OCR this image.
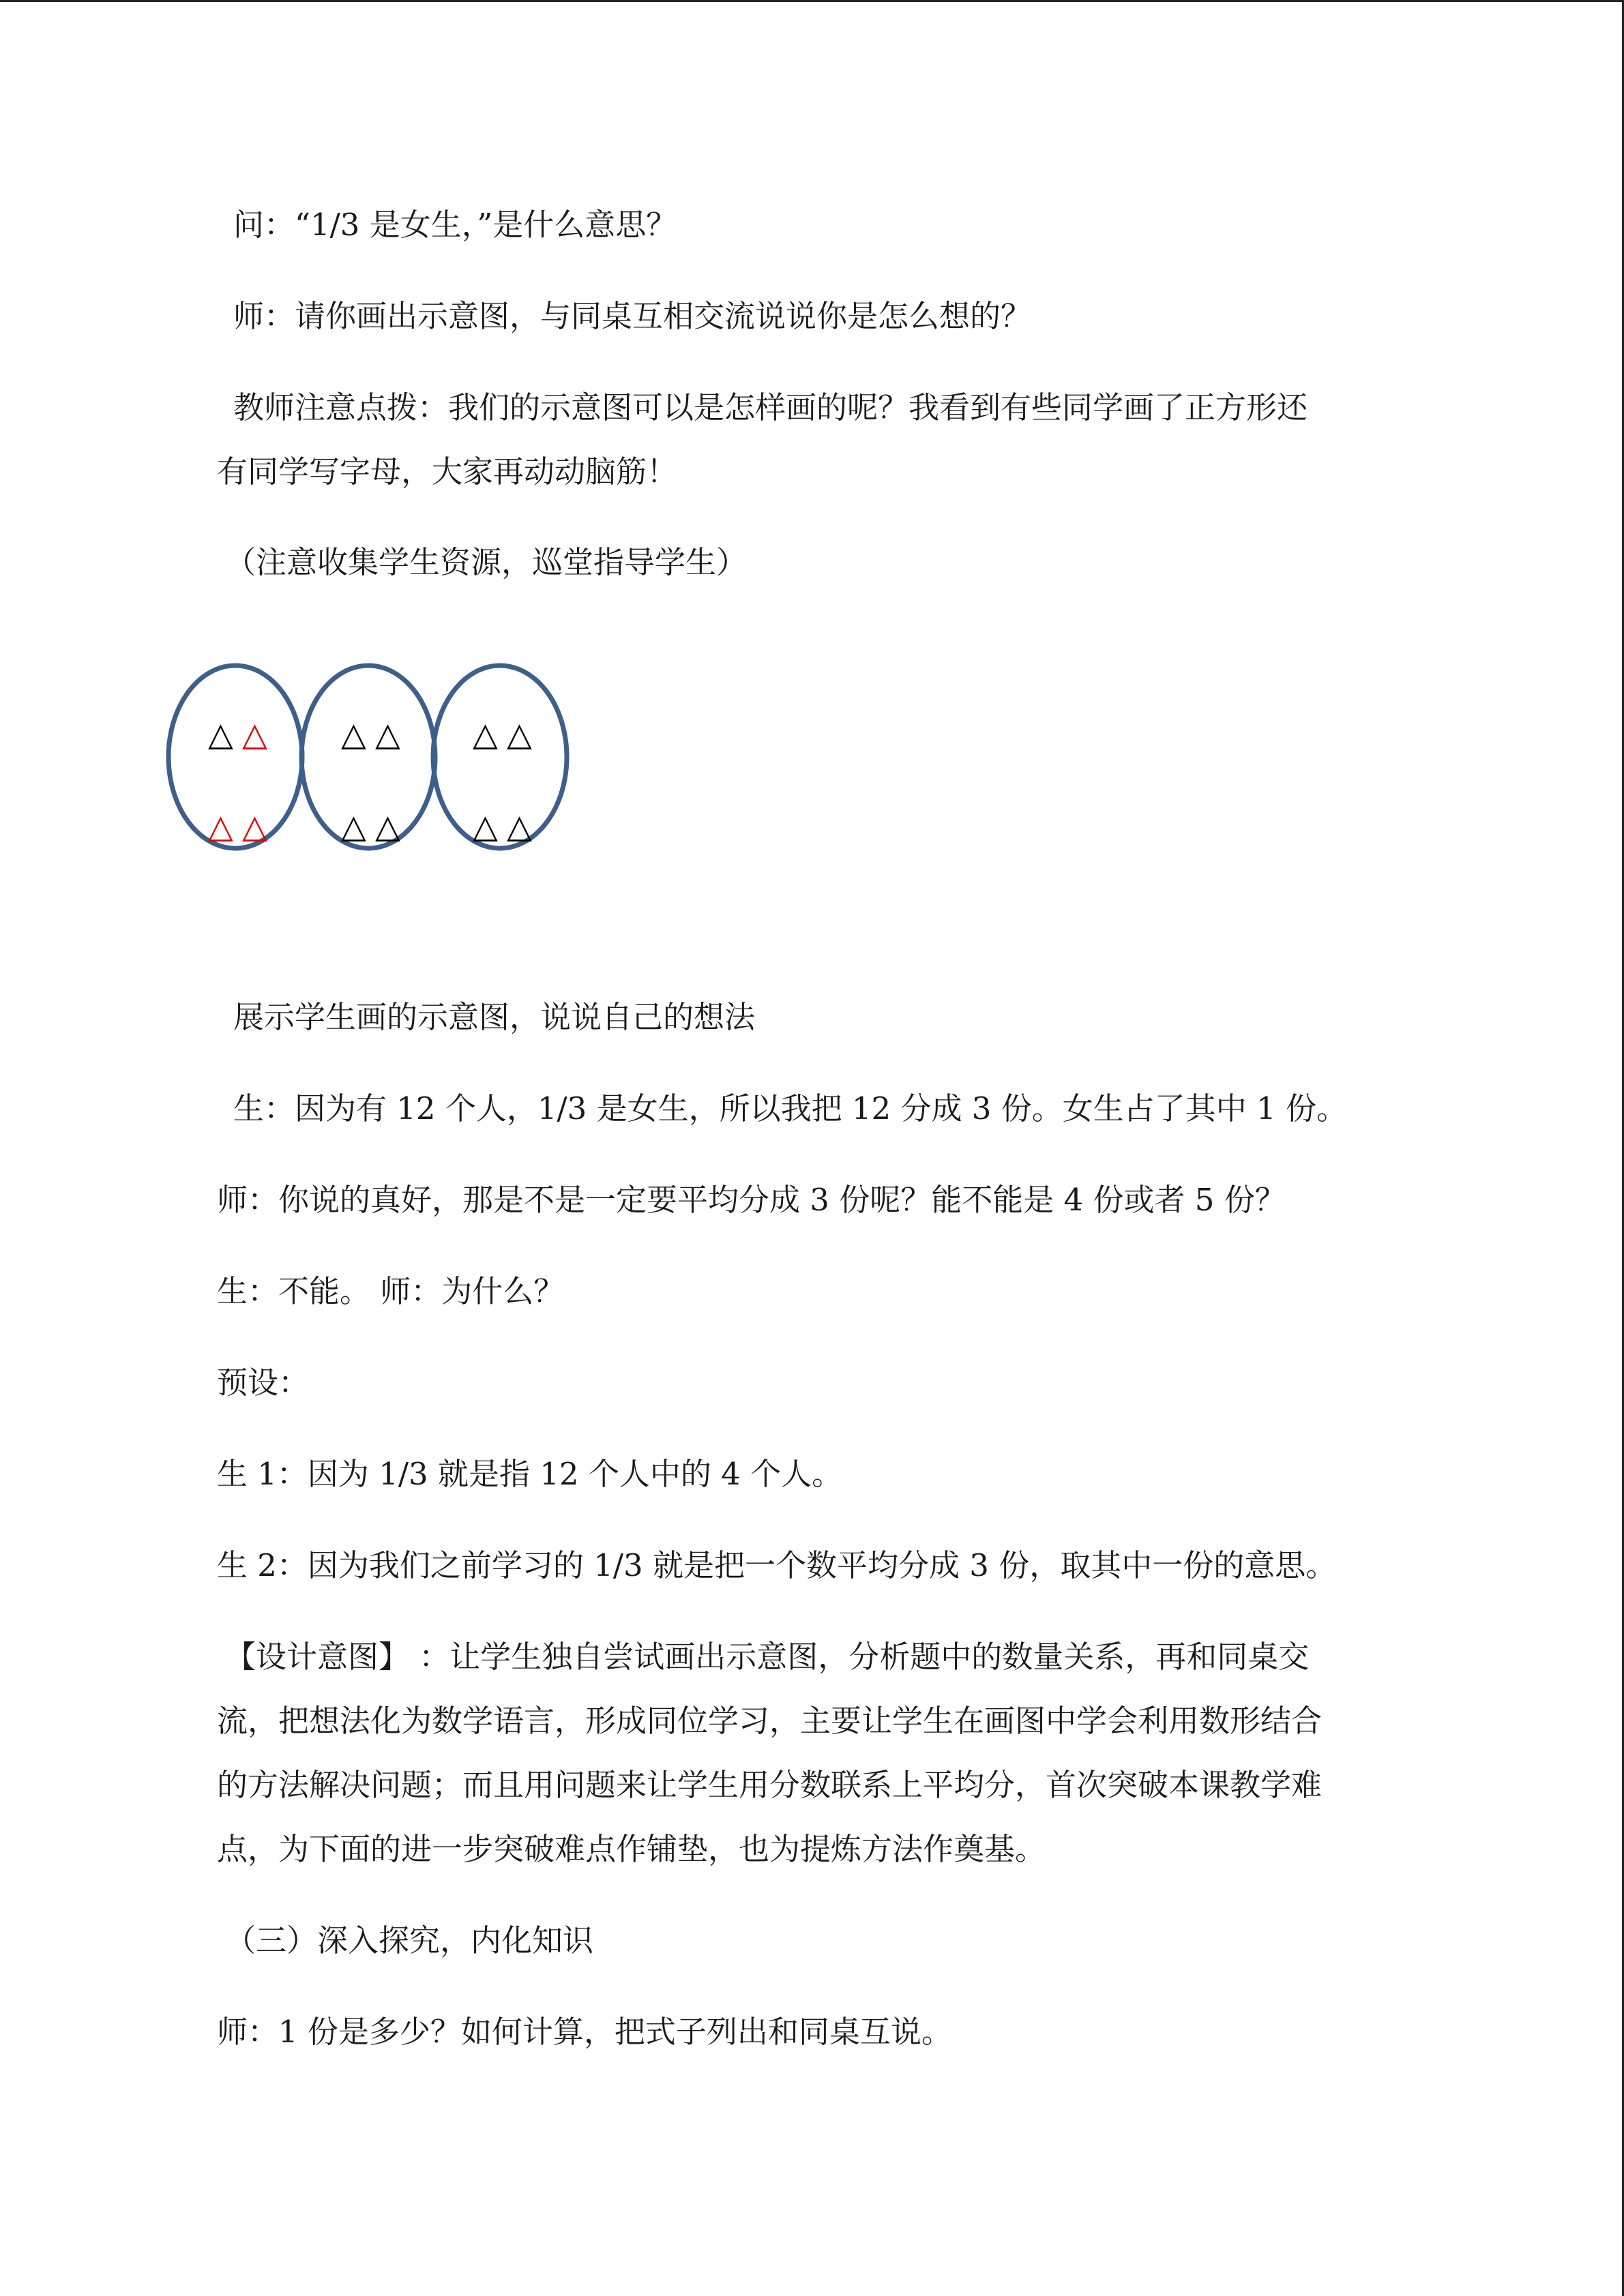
问：“1/3 是女生，”是什么意思？
师：请你画出示意图，与同桌互相交流说说你是怎么想的？
教师注意点拨：我们的示意图可以是怎样画的呢？我看到有些同学画了正方形还
有同学写字母，大家再动动脑筋！
（注意收集学生资源，巡堂指导学生）
△ △
△ △
△ △
△ △
△ △
△ △
展示学生画的示意图，说说自己的想法
生：因为有 12 个人，1/3 是女生，所以我把 12 分成 3 份。女生占了其中 1 份。
师：你说的真好，那是不是一定要平均分成 3 份呢？能不能是 4 份或者 5 份？
生：不能。 师：为什么？
预设：
生 1：因为 1/3 就是指 12 个人中的 4 个人。
生 2：因为我们之前学习的 1/3 就是把一个数平均分成 3 份，取其中一份的意思。
【设计意图】 ：让学生独自尝试画出示意图，分析题中的数量关系，再和同桌交
流，把想法化为数学语言，形成同位学习，主要让学生在画图中学会利用数形结合
的方法解决问题；而且用问题来让学生用分数联系上平均分，首次突破本课教学难
点，为下面的进一步突破难点作铺垫，也为提炼方法作奠基。
（三）深入探究，内化知识
师：1 份是多少？如何计算，把式子列出和同桌互说。
